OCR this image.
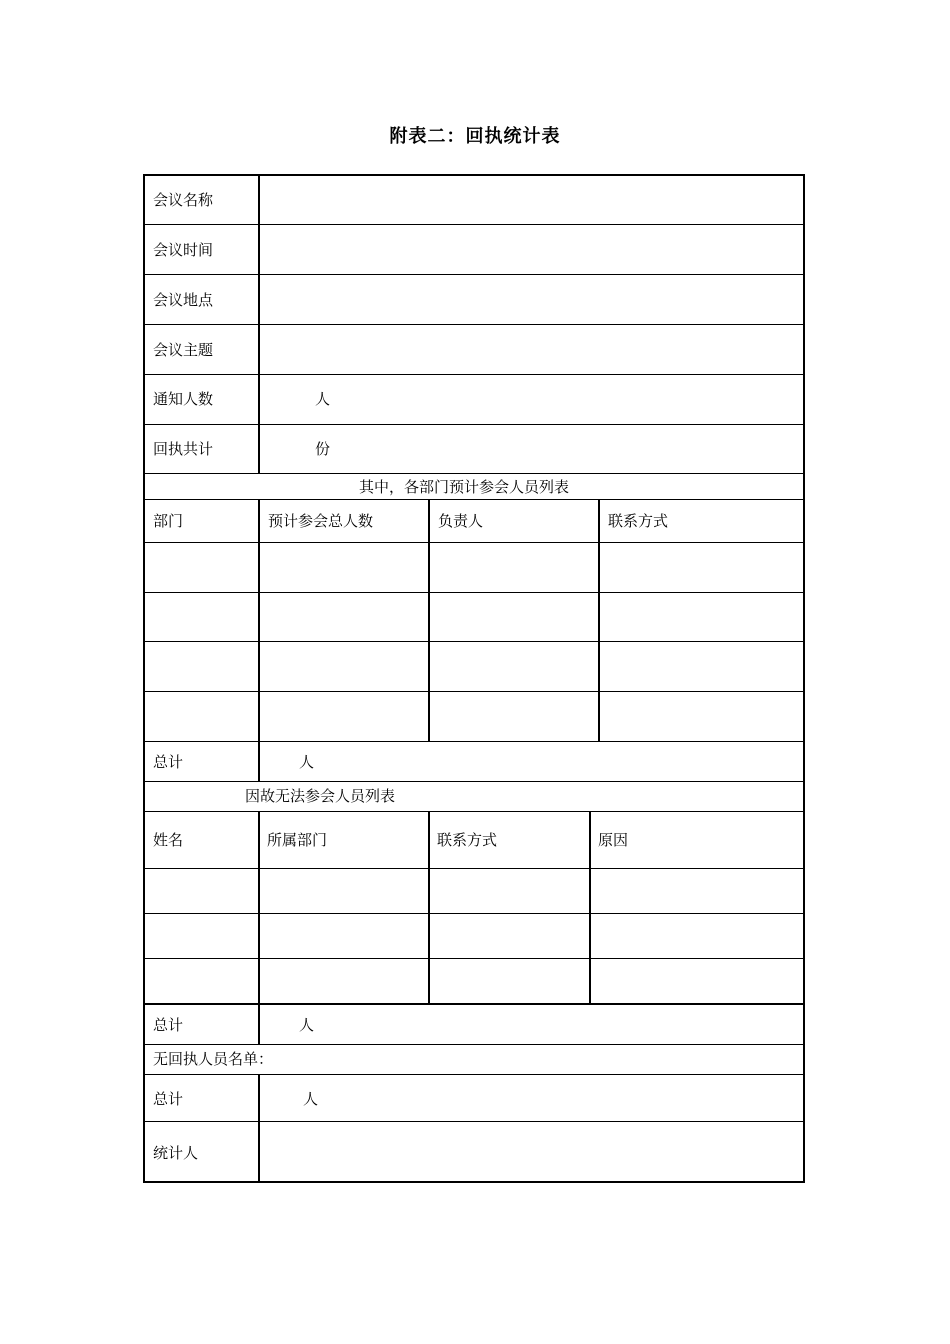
附表二：回执统计表
会议名称
会议时间
会议地点
会议主题
通知人数	人
回执共计	份
其中，各部门预计参会人员列表
部门	预计参会总人数	负责人	联系方式
总计	人
因故无法参会人员列表
姓名	所属部门	联系方式	原因
总计	人
无回执人员名单：
总计	人
统计人
